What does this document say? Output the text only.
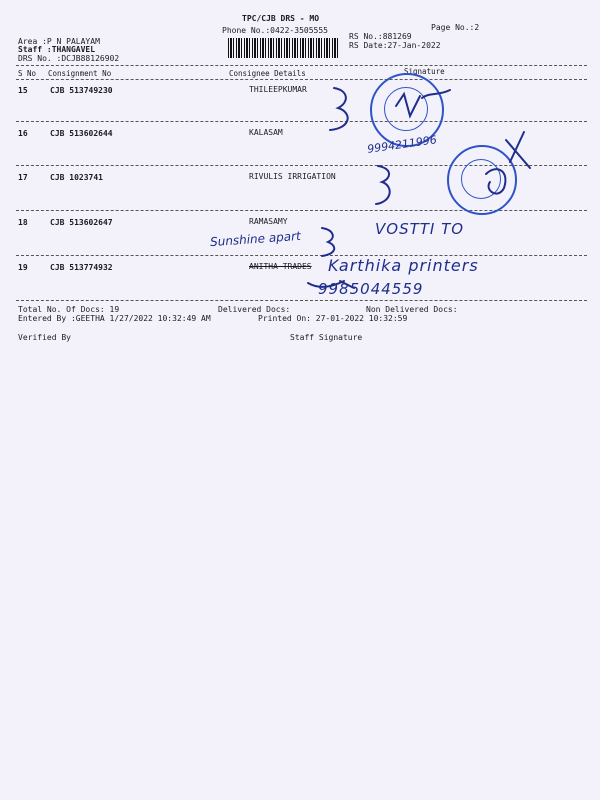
TPC/CJB DRS - MO
Phone No.:0422-3505555	Page No.:2
Area :P N PALAYAM
Staff :THANGAVEL
DRS No. :DCJB88126902
RS No.:881269
RS Date:27-Jan-2022
S No Consignment No	Consignee Details	Signature
15	CJB 513749230	THILEEPKUMAR
16	CJB 513602644	KALASAM
17	CJB 1023741	RIVULIS IRRIGATION
18	CJB 513602647	RAMASAMY
19	CJB 513774932	ANITHA TRADES
9994211996
Sunshine apart	VOSTTI TO
Karthika printers
9985044559
Total No. Of Docs: 19	Delivered Docs:	Non Delivered Docs:
Entered By :GEETHA 1/27/2022 10:32:49 AM	Printed On: 27-01-2022 10:32:59
Verified By	Staff Signature
